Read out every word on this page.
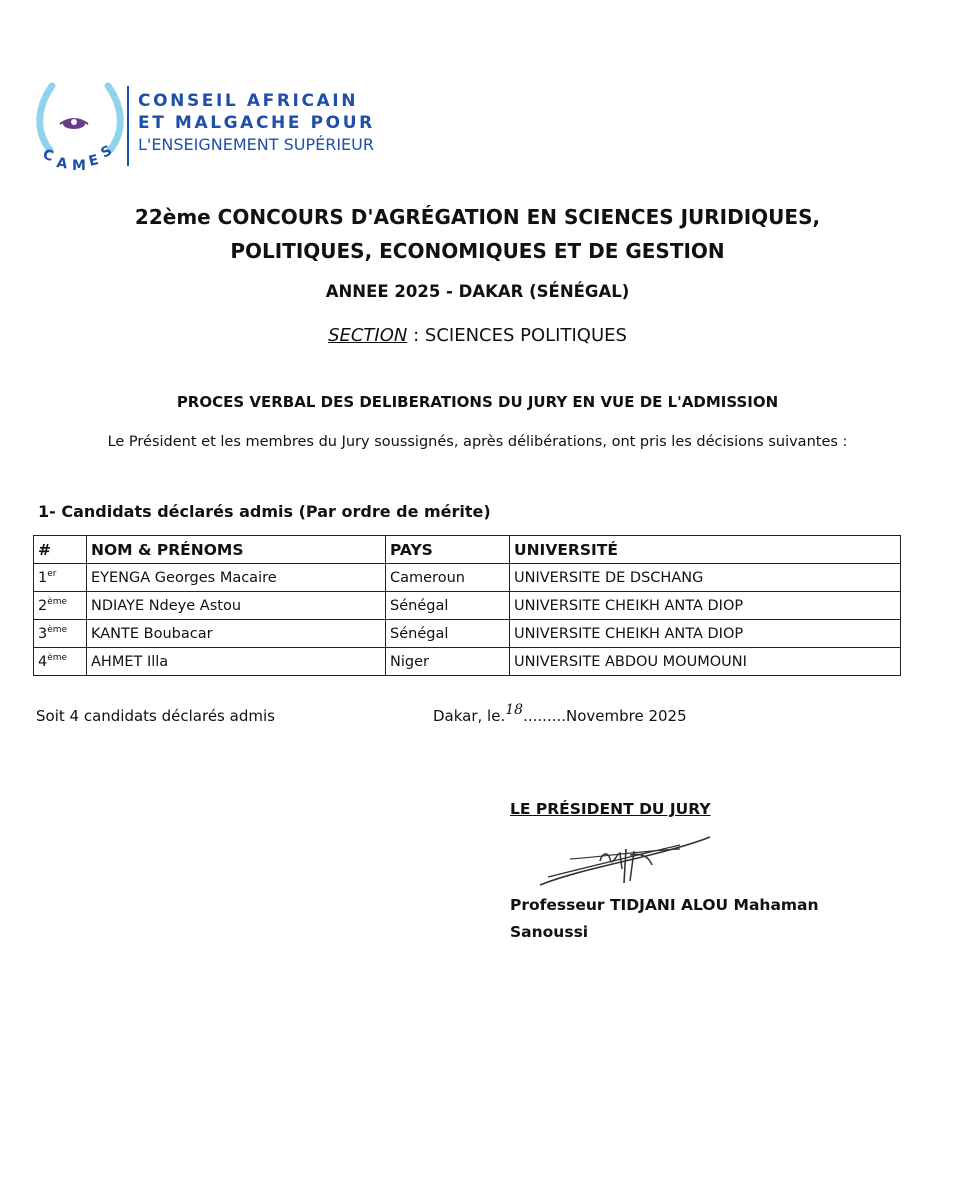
C A M E
S
CONSEIL AFRICAIN
ET MALGACHE POUR
L'ENSEIGNEMENT SUPÉRIEUR
22ème CONCOURS D'AGRÉGATION EN SCIENCES JURIDIQUES,
POLITIQUES, ECONOMIQUES ET DE GESTION
ANNEE 2025 - DAKAR (SÉNÉGAL)
SECTION : SCIENCES POLITIQUES
PROCES VERBAL DES DELIBERATIONS DU JURY EN VUE DE L'ADMISSION
Le Président et les membres du Jury soussignés, après délibérations, ont pris les décisions suivantes :
1- Candidats déclarés admis (Par ordre de mérite)
#	NOM & PRÉNOMS	PAYS	UNIVERSITÉ
1er	EYENGA Georges Macaire	Cameroun	UNIVERSITE DE DSCHANG
2ème	NDIAYE Ndeye Astou	Sénégal	UNIVERSITE CHEIKH ANTA DIOP
3ème	KANTE Boubacar	Sénégal	UNIVERSITE CHEIKH ANTA DIOP
4ème	AHMET Illa	Niger	UNIVERSITE ABDOU MOUMOUNI
Soit 4 candidats déclarés admis	Dakar, le.18.........Novembre 2025
LE PRÉSIDENT DU JURY
Professeur TIDJANI ALOU Mahaman
Sanoussi
